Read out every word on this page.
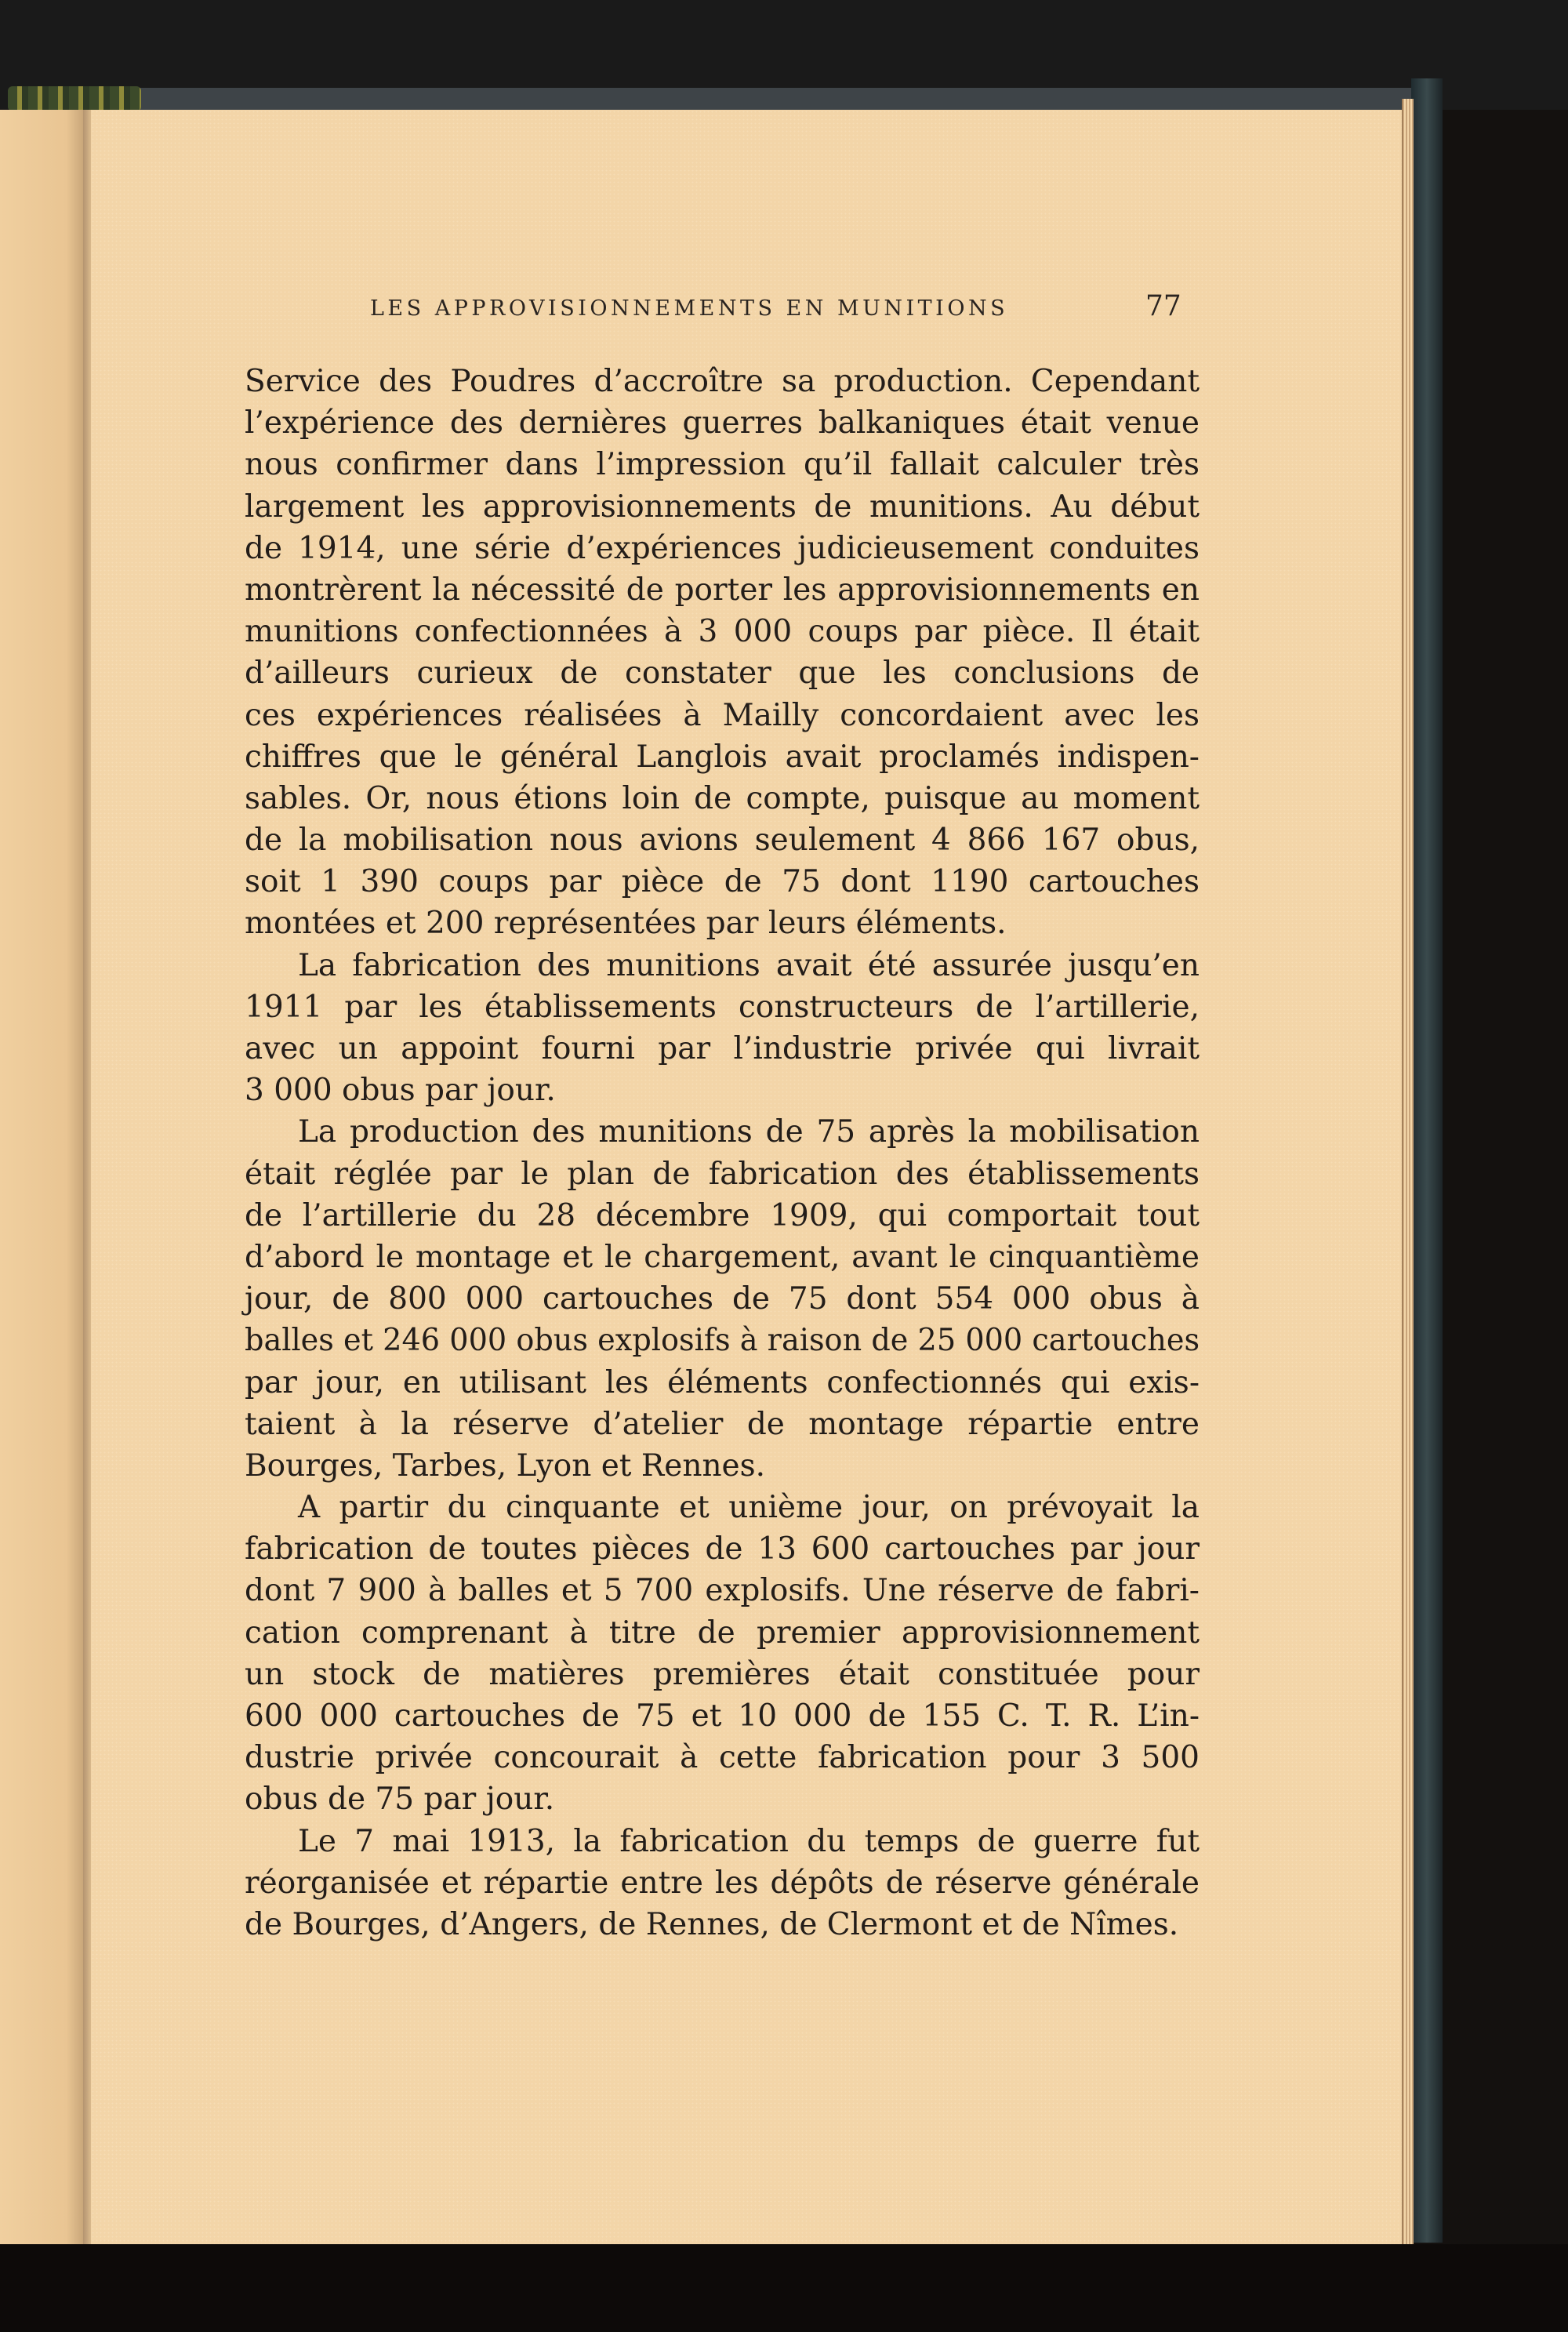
LES APPROVISIONNEMENTS EN MUNITIONS	77
Service des Poudres d’accroître sa production. Cependant
l’expérience des dernières guerres balkaniques était venue
nous confirmer dans l’impression qu’il fallait calculer très
largement les approvisionnements de munitions. Au début
de 1914, une série d’expériences judicieusement conduites
montrèrent la nécessité de porter les approvisionnements en
munitions confectionnées à 3 000 coups par pièce. Il était
d’ailleurs curieux de constater que les conclusions de
ces expériences réalisées à Mailly concordaient avec les
chiffres que le général Langlois avait proclamés indispen-
sables. Or, nous étions loin de compte, puisque au moment
de la mobilisation nous avions seulement 4 866 167 obus,
soit 1 390 coups par pièce de 75 dont 1190 cartouches
montées et 200 représentées par leurs éléments.
La fabrication des munitions avait été assurée jusqu’en
1911 par les établissements constructeurs de l’artillerie,
avec un appoint fourni par l’industrie privée qui livrait
3 000 obus par jour.
La production des munitions de 75 après la mobilisation
était réglée par le plan de fabrication des établissements
de l’artillerie du 28 décembre 1909, qui comportait tout
d’abord le montage et le chargement, avant le cinquantième
jour, de 800 000 cartouches de 75 dont 554 000 obus à
balles et 246 000 obus explosifs à raison de 25 000 cartouches
par jour, en utilisant les éléments confectionnés qui exis-
taient à la réserve d’atelier de montage répartie entre
Bourges, Tarbes, Lyon et Rennes.
A partir du cinquante et unième jour, on prévoyait la
fabrication de toutes pièces de 13 600 cartouches par jour
dont 7 900 à balles et 5 700 explosifs. Une réserve de fabri-
cation comprenant à titre de premier approvisionnement
un stock de matières premières était constituée pour
600 000 cartouches de 75 et 10 000 de 155 C. T. R. L’in-
dustrie privée concourait à cette fabrication pour 3 500
obus de 75 par jour.
Le 7 mai 1913, la fabrication du temps de guerre fut
réorganisée et répartie entre les dépôts de réserve générale
de Bourges, d’Angers, de Rennes, de Clermont et de Nîmes.
